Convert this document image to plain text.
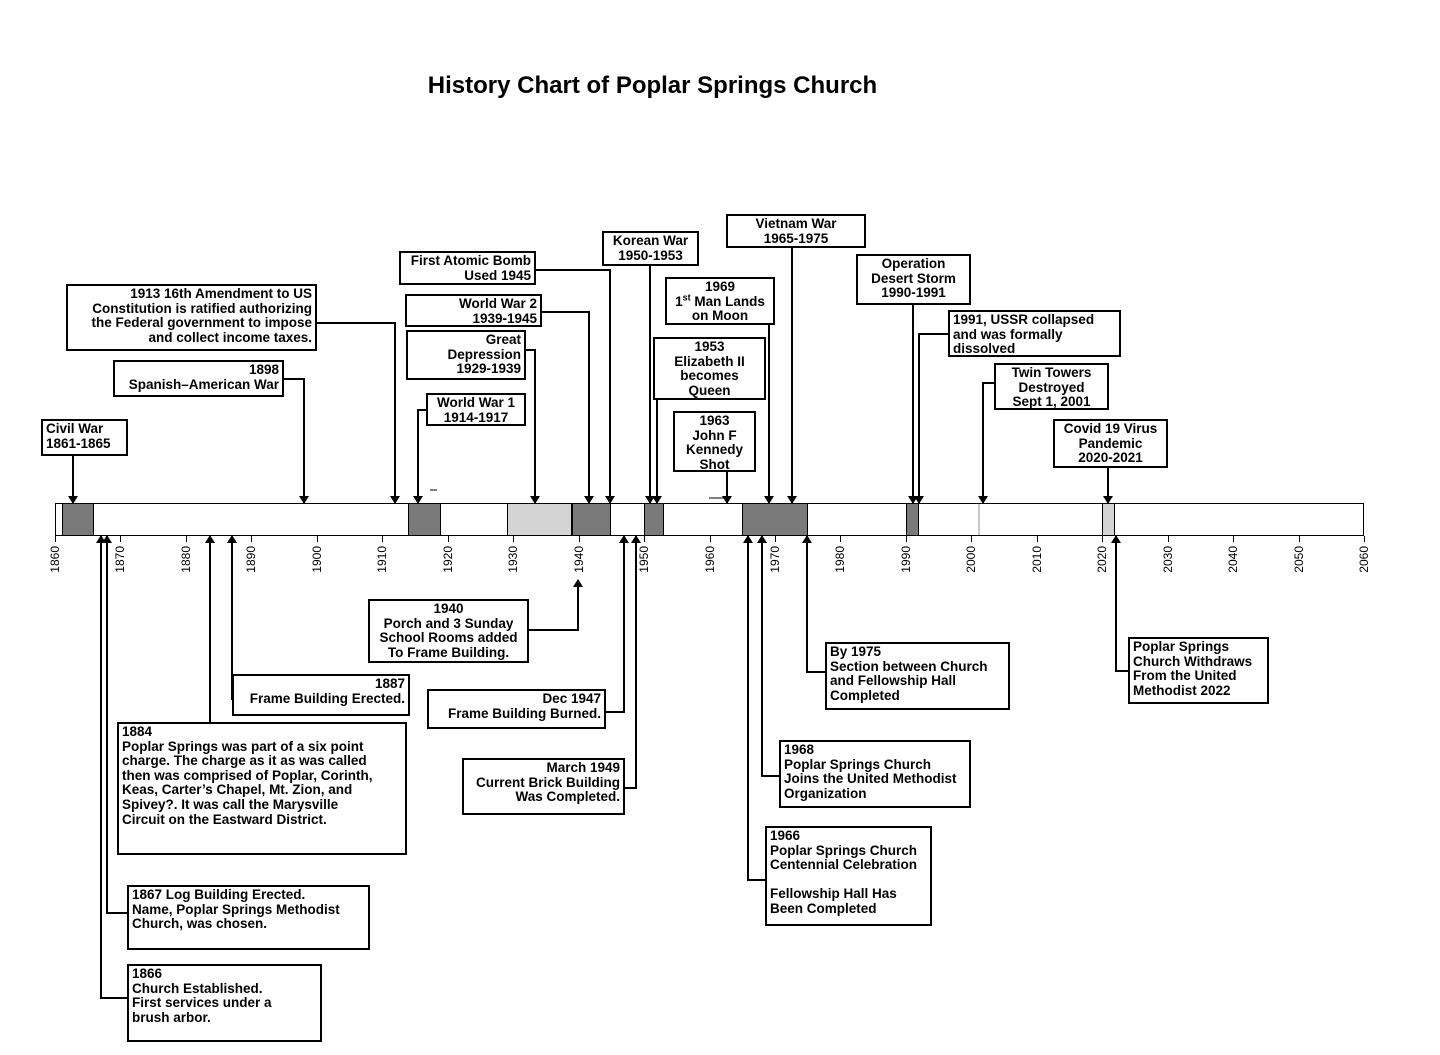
History Chart of Poplar Springs Church
1860	1870	1880	1890	1900	1910	1920	1930	1940	1950	1960	1970	1980	1990	2000	2010	2020	2030	2040	2050	2060
Civil War
1861-1865
1898
Spanish–American War
1913 16th Amendment to US
Constitution is ratified authorizing
the Federal government to impose
and collect income taxes.
World War 1
1914-1917
Great
Depression
1929-1939
World War 2
1939-1945
First Atomic Bomb
Used 1945
Korean War
1950-1953
1969
1st Man Lands
on Moon
1953
Elizabeth II
becomes
Queen
1963
John F
Kennedy
Shot
Vietnam War
1965-1975
Operation
Desert Storm
1990-1991
1991, USSR collapsed
and was formally
dissolved
Twin Towers
Destroyed
Sept 1, 2001
Covid 19 Virus
Pandemic
2020-2021
1940
Porch and 3 Sunday
School Rooms added
To Frame Building.
1887
Frame Building Erected.	Dec 1947
Frame Building Burned.
1884
Poplar Springs was part of a six point
charge. The charge as it as was called
then was comprised of Poplar, Corinth,
Keas, Carter’s Chapel, Mt. Zion, and
Spivey?. It was call the Marysville
Circuit on the Eastward District.
March 1949
Current Brick Building
Was Completed.
1867 Log Building Erected.
Name, Poplar Springs Methodist
Church, was chosen.
1866
Church Established.
First services under a
brush arbor.
By 1975
Section between Church
and Fellowship Hall
Completed
1968
Poplar Springs Church
Joins the United Methodist
Organization
1966
Poplar Springs Church
Centennial Celebration

Fellowship Hall Has
Been Completed
Poplar Springs
Church Withdraws
From the United
Methodist 2022
